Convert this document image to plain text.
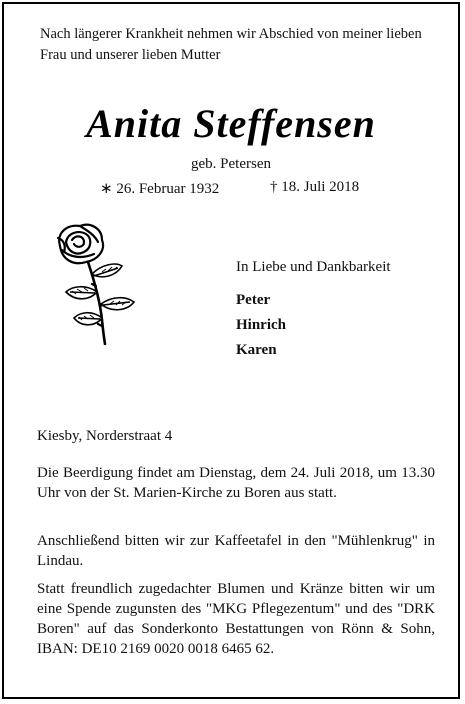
Nach längerer Krankheit nehmen wir Abschied von meiner lieben Frau und unserer lieben Mutter
Anita Steffensen
geb. Petersen
∗ 26. Februar 1932	† 18. Juli 2018
In Liebe und Dankbarkeit
Peter
Hinrich
Karen
Kiesby, Norderstraat 4
Die Beerdigung findet am Dienstag, dem 24. Juli 2018, um 13.30 Uhr von der St. Marien-Kirche zu Boren aus statt.
Anschließend bitten wir zur Kaffeetafel in den "Mühlenkrug" in Lindau.
Statt freundlich zugedachter Blumen und Kränze bitten wir um eine Spende zugunsten des "MKG Pflegezentum" und des "DRK Boren" auf das Sonderkonto Bestattungen von Rönn & Sohn, IBAN: DE10 2169 0020 0018 6465 62.
